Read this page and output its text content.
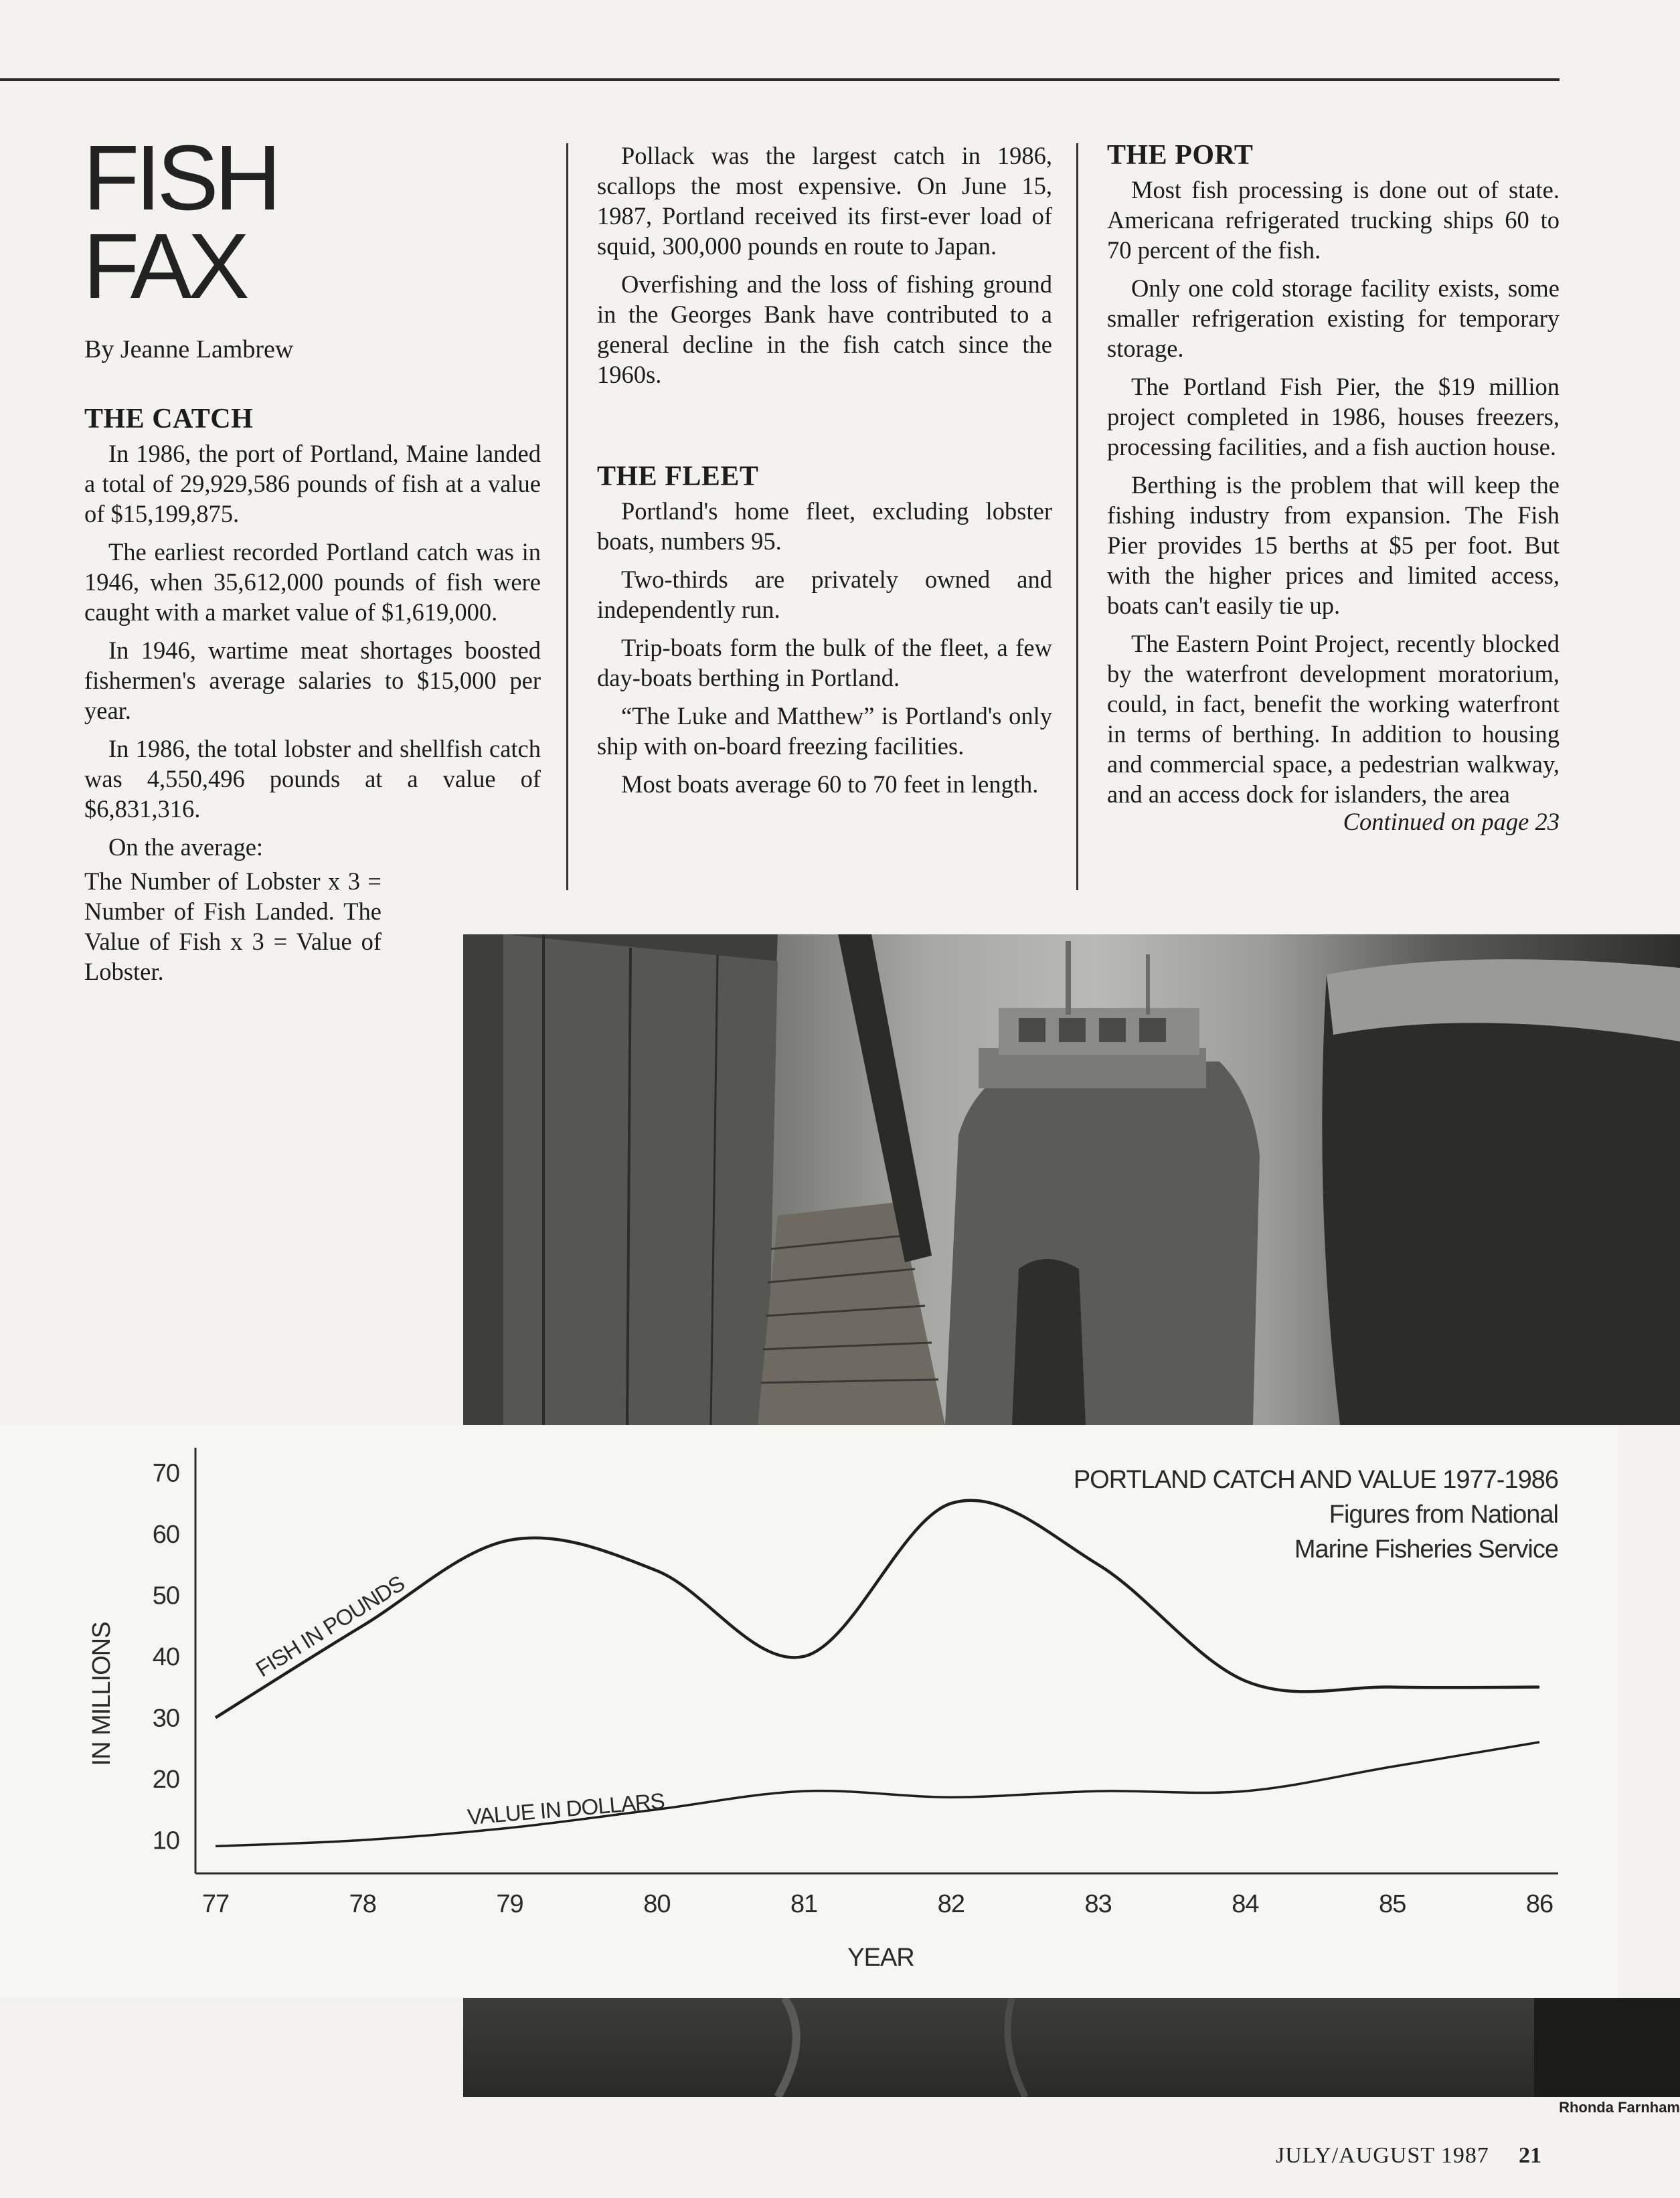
FISH
FAX
By Jeanne Lambrew
THE CATCH

In 1986, the port of Portland, Maine landed a total of 29,929,586 pounds of fish at a value of $15,199,875.

The earliest recorded Portland catch was in 1946, when 35,612,000 pounds of fish were caught with a market value of $1,619,000.

In 1946, wartime meat shortages boosted fishermen's average salaries to $15,000 per year.

In 1986, the total lobster and shellfish catch was 4,550,496 pounds at a value of $6,831,316.

On the average:

The Number of Lobster x 3 = Number of Fish Landed. The Value of Fish x 3 = Value of Lobster.

Pollack was the largest catch in 1986, scallops the most expensive. On June 15, 1987, Portland received its first-ever load of squid, 300,000 pounds en route to Japan.

Overfishing and the loss of fishing ground in the Georges Bank have contributed to a general decline in the fish catch since the 1960s.

THE FLEET

Portland's home fleet, excluding lobster boats, numbers 95.

Two-thirds are privately owned and independently run.

Trip-boats form the bulk of the fleet, a few day-boats berthing in Portland.

“The Luke and Matthew” is Portland's only ship with on-board freezing facilities.

Most boats average 60 to 70 feet in length.

THE PORT

Most fish processing is done out of state. Americana refrigerated trucking ships 60 to 70 percent of the fish.

Only one cold storage facility exists, some smaller refrigeration existing for temporary storage.

The Portland Fish Pier, the $19 million project completed in 1986, houses freezers, processing facilities, and a fish auction house.

Berthing is the problem that will keep the fishing industry from expansion. The Fish Pier provides 15 berths at $5 per foot. But with the higher prices and limited access, boats can't easily tie up.

The Eastern Point Project, recently blocked by the waterfront development moratorium, could, in fact, benefit the working waterfront in terms of berthing. In addition to housing and commercial space, a pedestrian walkway, and an access dock for islanders, the area

Continued on page 23
10
20
30
40
50
60
70
77	78	79	80	81	82	83	84	85	86
PORTLAND CATCH AND VALUE 1977-1986
Figures from National
Marine Fisheries Service
YEAR
IN MILLIONS	FISH IN POUNDS
VALUE IN DOLLARS
Rhonda Farnham
JULY/AUGUST 1987 21
